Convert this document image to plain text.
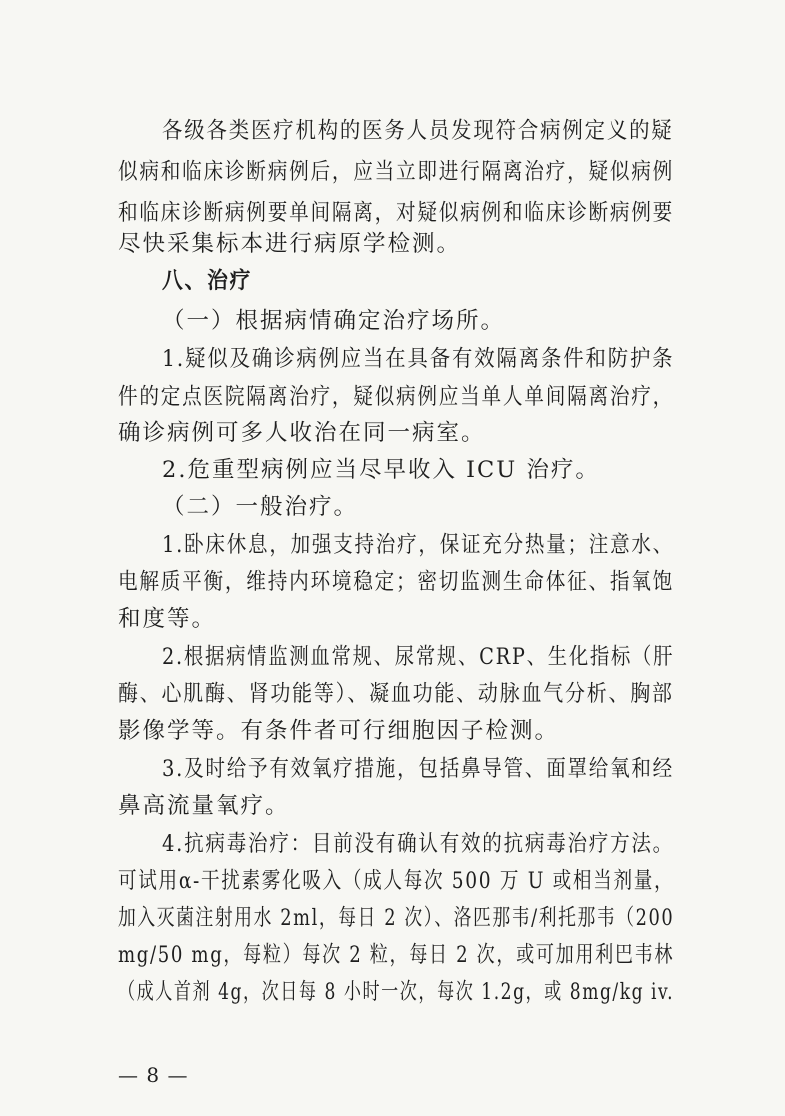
各级各类医疗机构的医务人员发现符合病例定义的疑
似病和临床诊断病例后，应当立即进行隔离治疗，疑似病例
和临床诊断病例要单间隔离，对疑似病例和临床诊断病例要
尽快采集标本进行病原学检测。
八、治疗
（一）根据病情确定治疗场所。
1.疑似及确诊病例应当在具备有效隔离条件和防护条
件的定点医院隔离治疗，疑似病例应当单人单间隔离治疗，
确诊病例可多人收治在同一病室。
2.危重型病例应当尽早收入 ICU 治疗。
（二）一般治疗。
1.卧床休息，加强支持治疗，保证充分热量；注意水、
电解质平衡，维持内环境稳定；密切监测生命体征、指氧饱
和度等。
2.根据病情监测血常规、尿常规、CRP、生化指标（肝
酶、心肌酶、肾功能等）、凝血功能、动脉血气分析、胸部
影像学等。有条件者可行细胞因子检测。
3.及时给予有效氧疗措施，包括鼻导管、面罩给氧和经
鼻高流量氧疗。
4.抗病毒治疗：目前没有确认有效的抗病毒治疗方法。
可试用α-干扰素雾化吸入（成人每次 500 万 U 或相当剂量，
加入灭菌注射用水 2ml，每日 2 次）、洛匹那韦/利托那韦（200
mg/50 mg，每粒）每次 2 粒，每日 2 次，或可加用利巴韦林
（成人首剂 4g，次日每 8 小时一次，每次 1.2g，或 8mg/kg iv.
— 8 —
